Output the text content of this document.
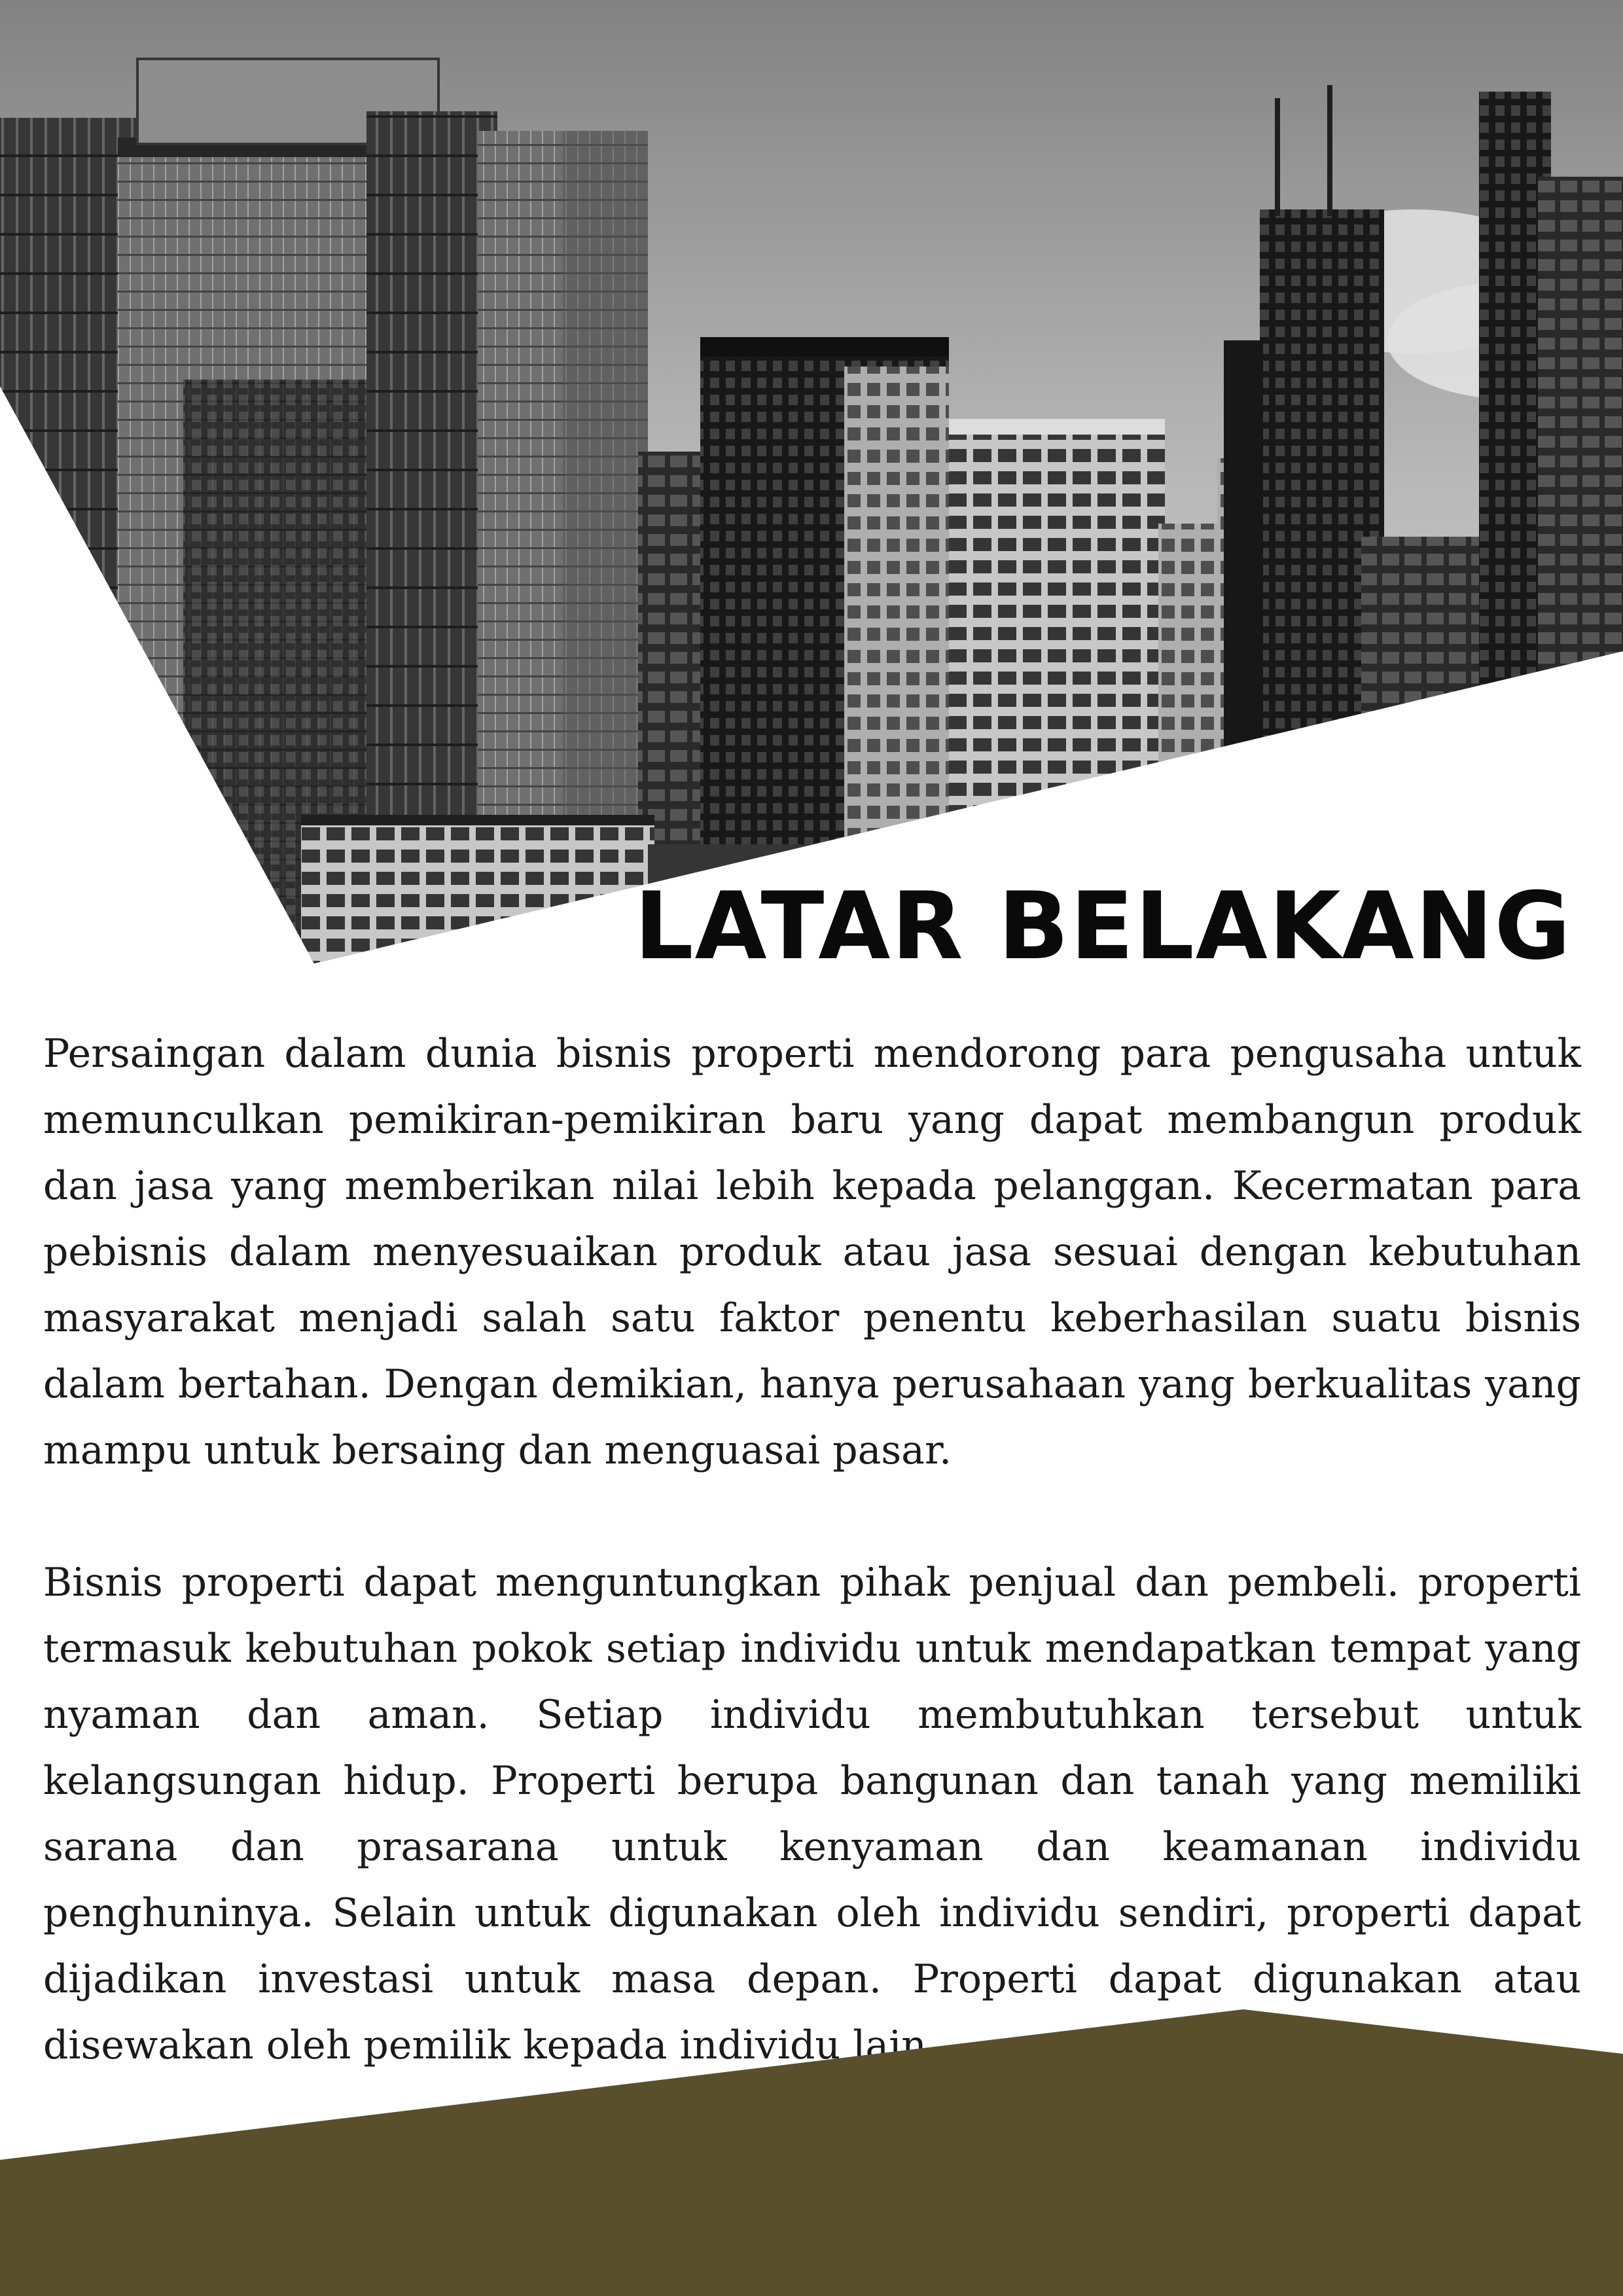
LATAR BELAKANG

Persaingan dalam dunia bisnis properti mendorong para pengusaha untuk memunculkan pemikiran-pemikiran baru yang dapat membangun produk dan jasa yang memberikan nilai lebih kepada pelanggan. Kecermatan para pebisnis dalam menyesuaikan produk atau jasa sesuai dengan kebutuhan masyarakat menjadi salah satu faktor penentu keberhasilan suatu bisnis dalam bertahan. Dengan demikian, hanya perusahaan yang berkualitas yang mampu untuk bersaing dan menguasai pasar.

Bisnis properti dapat menguntungkan pihak penjual dan pembeli. properti termasuk kebutuhan pokok setiap individu untuk mendapatkan tempat yang nyaman dan aman. Setiap individu membutuhkan tersebut untuk kelangsungan hidup. Properti berupa bangunan dan tanah yang memiliki sarana dan prasarana untuk kenyaman dan keamanan individu penghuninya. Selain untuk digunakan oleh individu sendiri, properti dapat dijadikan investasi untuk masa depan. Properti dapat digunakan atau disewakan oleh pemilik kepada individu lain
